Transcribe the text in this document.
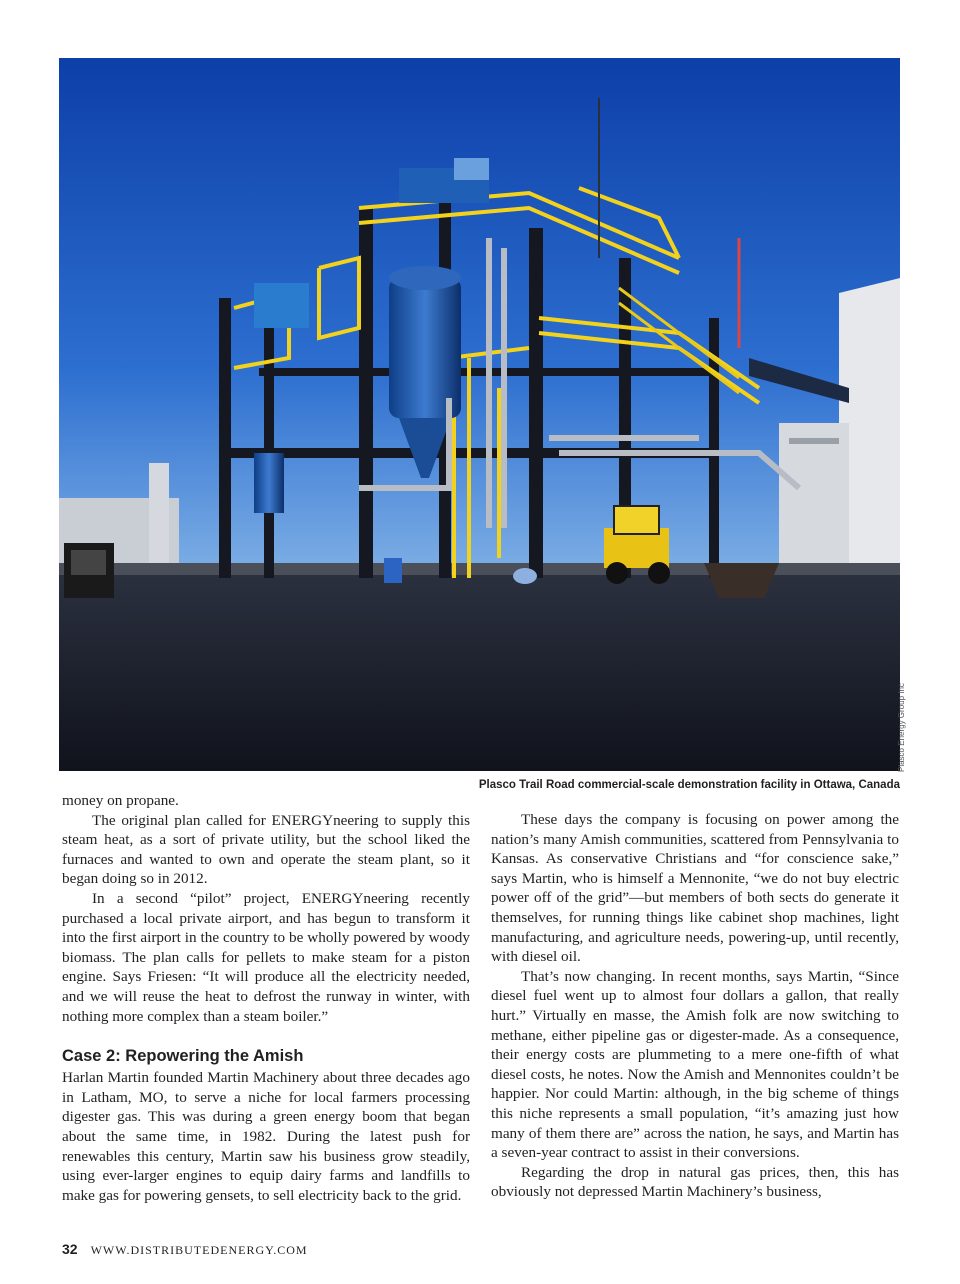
Plasco Energy Group Inc
Plasco Trail Road commercial-scale demonstration facility in Ottawa, Canada

money on propane.

The original plan called for ENERGYneering to supply this steam heat, as a sort of private utility, but the school liked the furnaces and wanted to own and operate the steam plant, so it began doing so in 2012.

In a second “pilot” project, ENERGYneering recently purchased a local private airport, and has begun to transform it into the first airport in the country to be wholly powered by woody biomass. The plan calls for pellets to make steam for a piston engine. Says Friesen: “It will produce all the electricity needed, and we will reuse the heat to defrost the runway in winter, with nothing more complex than a steam boiler.”

Case 2: Repowering the Amish

Harlan Martin founded Martin Machinery about three decades ago in Latham, MO, to serve a niche for local farmers processing digester gas. This was during a green energy boom that began about the same time, in 1982. During the latest push for renewables this century, Martin saw his business grow steadily, using ever-larger engines to equip dairy farms and landfills to make gas for powering gensets, to sell electricity back to the grid.

These days the company is focusing on power among the nation’s many Amish communities, scattered from Pennsylvania to Kansas. As conservative Christians and “for conscience sake,” says Martin, who is himself a Mennonite, “we do not buy electric power off of the grid”—but members of both sects do generate it themselves, for running things like cabinet shop machines, light manufacturing, and agriculture needs, powering-up, until recently, with diesel oil.

That’s now changing. In recent months, says Martin, “Since diesel fuel went up to almost four dollars a gallon, that really hurt.” Virtually en masse, the Amish folk are now switching to methane, either pipeline gas or digester-made. As a consequence, their energy costs are plummeting to a mere one-fifth of what diesel costs, he notes. Now the Amish and Mennonites couldn’t be happier. Nor could Martin: although, in the big scheme of things this niche represents a small population, “it’s amazing just how many of them there are” across the nation, he says, and Martin has a seven-year contract to assist in their conversions.

Regarding the drop in natural gas prices, then, this has obviously not depressed Martin Machinery’s business,

32 WWW.DISTRIBUTEDENERGY.COM
